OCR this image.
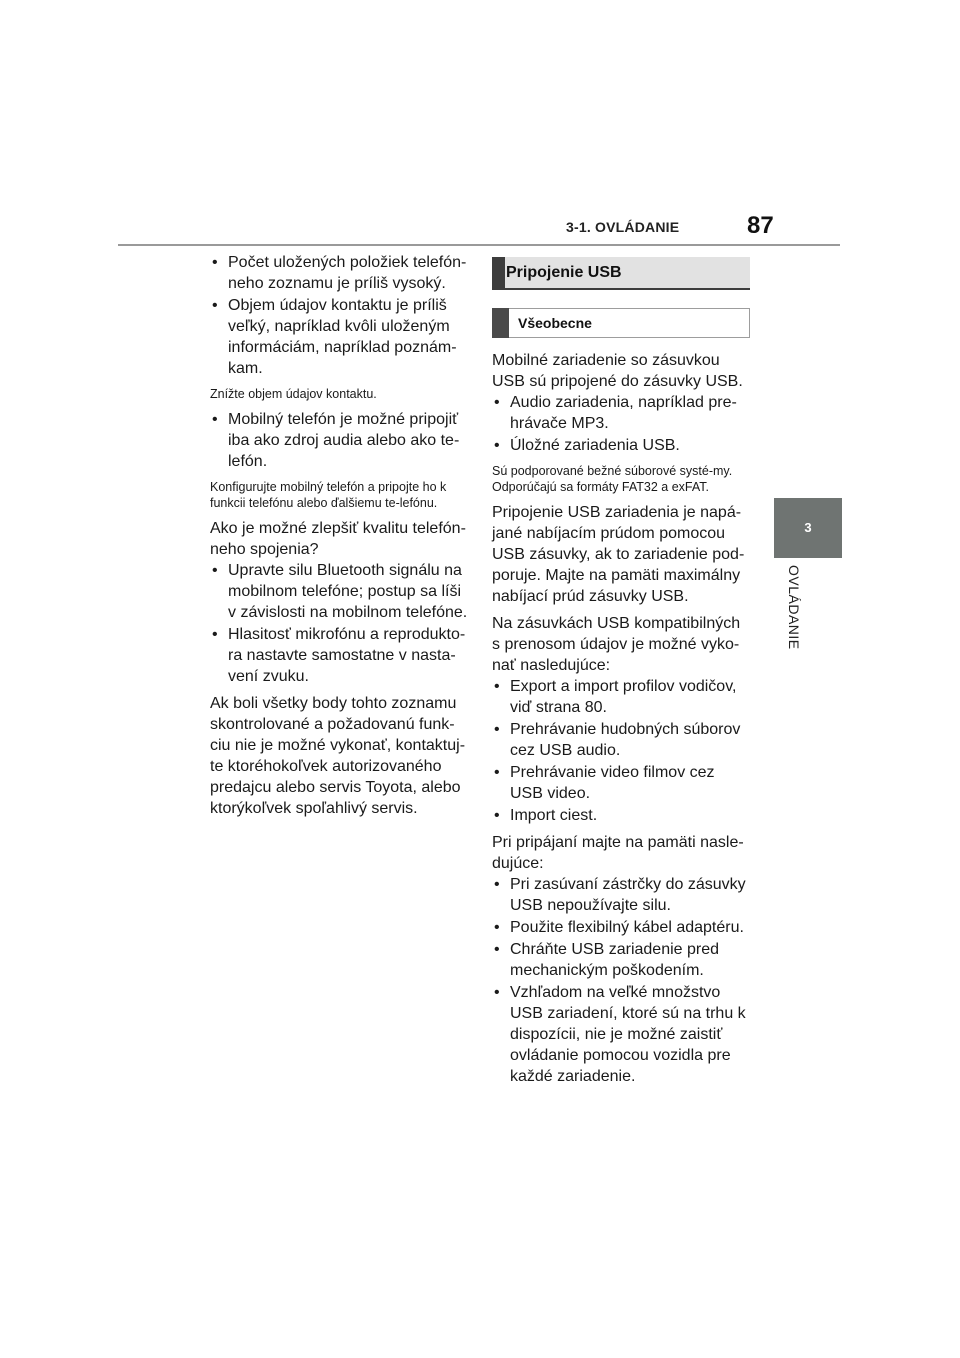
3-1. OVLÁDANIE	87
3
OVLÁDANIE
• Počet uložených položiek telefón-neho zoznamu je príliš vysoký.
• Objem údajov kontaktu je príliš veľký, napríklad kvôli uloženým informáciám, napríklad poznám-kam.
Znížte objem údajov kontaktu.
• Mobilný telefón je možné pripojiť iba ako zdroj audia alebo ako te-lefón.
Konfigurujte mobilný telefón a pripojte ho k funkcii telefónu alebo ďalšiemu te-lefónu.
Ako je možné zlepšiť kvalitu telefón-neho spojenia?
• Upravte silu Bluetooth signálu na mobilnom telefóne; postup sa líši v závislosti na mobilnom telefóne.
• Hlasitosť mikrofónu a reprodukto-ra nastavte samostatne v nasta-vení zvuku.
Ak boli všetky body tohto zoznamu skontrolované a požadovanú funk-ciu nie je možné vykonať, kontaktuj-te ktoréhokoľvek autorizovaného predajcu alebo servis Toyota, alebo ktorýkoľvek spoľahlivý servis.
Pripojenie USB
Všeobecne
Mobilné zariadenie so zásuvkou USB sú pripojené do zásuvky USB.
• Audio zariadenia, napríklad pre-hrávače MP3.
• Úložné zariadenia USB.
Sú podporované bežné súborové systé-my. Odporúčajú sa formáty FAT32 a exFAT.
Pripojenie USB zariadenia je napá-jané nabíjacím prúdom pomocou USB zásuvky, ak to zariadenie pod-poruje. Majte na pamäti maximálny nabíjací prúd zásuvky USB.
Na zásuvkách USB kompatibilných s prenosom údajov je možné vyko-nať nasledujúce:
• Export a import profilov vodičov, viď strana 80.
• Prehrávanie hudobných súborov cez USB audio.
• Prehrávanie video filmov cez USB video.
• Import ciest.
Pri pripájaní majte na pamäti nasle-dujúce:
• Pri zasúvaní zástrčky do zásuvky USB nepoužívajte silu.
• Použite flexibilný kábel adaptéru.
• Chráňte USB zariadenie pred mechanickým poškodením.
• Vzhľadom na veľké množstvo USB zariadení, ktoré sú na trhu k dispozícii, nie je možné zaistiť ovládanie pomocou vozidla pre každé zariadenie.
